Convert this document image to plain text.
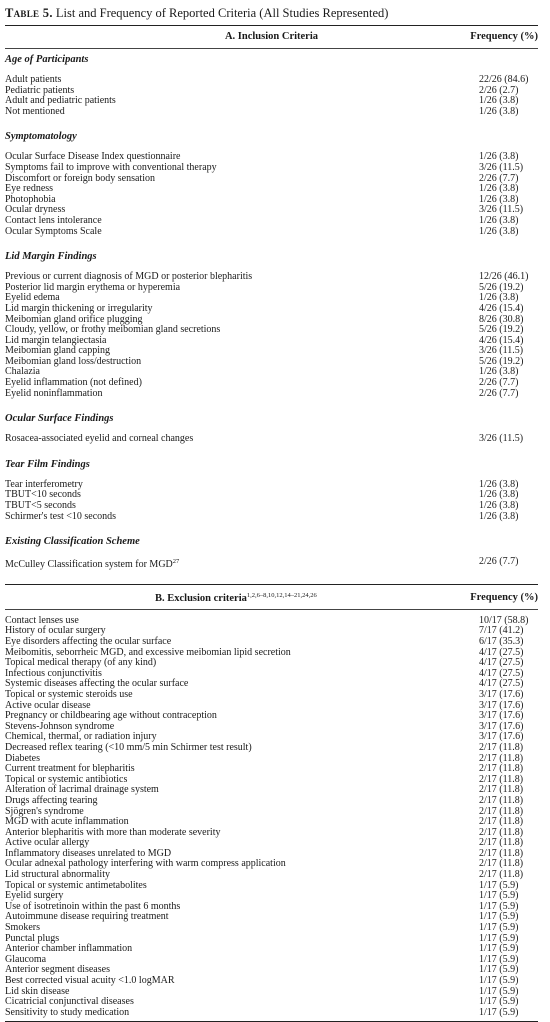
Table 5. List and Frequency of Reported Criteria (All Studies Represented)
A. Inclusion Criteria	Frequency (%)
Age of Participants
Adult patients	22/26 (84.6)
Pediatric patients	2/26 (2.7)
Adult and pediatric patients	1/26 (3.8)
Not mentioned	1/26 (3.8)
Symptomatology
Ocular Surface Disease Index questionnaire	1/26 (3.8)
Symptoms fail to improve with conventional therapy	3/26 (11.5)
Discomfort or foreign body sensation	2/26 (7.7)
Eye redness	1/26 (3.8)
Photophobia	1/26 (3.8)
Ocular dryness	3/26 (11.5)
Contact lens intolerance	1/26 (3.8)
Ocular Symptoms Scale	1/26 (3.8)
Lid Margin Findings
Previous or current diagnosis of MGD or posterior blepharitis	12/26 (46.1)
Posterior lid margin erythema or hyperemia	5/26 (19.2)
Eyelid edema	1/26 (3.8)
Lid margin thickening or irregularity	4/26 (15.4)
Meibomian gland orifice plugging	8/26 (30.8)
Cloudy, yellow, or frothy meibomian gland secretions	5/26 (19.2)
Lid margin telangiectasia	4/26 (15.4)
Meibomian gland capping	3/26 (11.5)
Meibomian gland loss/destruction	5/26 (19.2)
Chalazia	1/26 (3.8)
Eyelid inflammation (not defined)	2/26 (7.7)
Eyelid noninflammation	2/26 (7.7)
Ocular Surface Findings
Rosacea-associated eyelid and corneal changes	3/26 (11.5)
Tear Film Findings
Tear interferometry	1/26 (3.8)
TBUT<10 seconds	1/26 (3.8)
TBUT<5 seconds	1/26 (3.8)
Schirmer's test <10 seconds	1/26 (3.8)
Existing Classification Scheme
McCulley Classification system for MGD$^{27}$	2/26 (7.7)
B. Exclusion criteria$^{1,2,6-8,10,12,14-21,24,26}$	Frequency (%)
Contact lenses use	10/17 (58.8)
History of ocular surgery	7/17 (41.2)
Eye disorders affecting the ocular surface	6/17 (35.3)
Meibomitis, seborrheic MGD, and excessive meibomian lipid secretion	4/17 (27.5)
Topical medical therapy (of any kind)	4/17 (27.5)
Infectious conjunctivitis	4/17 (27.5)
Systemic diseases affecting the ocular surface	4/17 (27.5)
Topical or systemic steroids use	3/17 (17.6)
Active ocular disease	3/17 (17.6)
Pregnancy or childbearing age without contraception	3/17 (17.6)
Stevens-Johnson syndrome	3/17 (17.6)
Chemical, thermal, or radiation injury	3/17 (17.6)
Decreased reflex tearing (<10 mm/5 min Schirmer test result)	2/17 (11.8)
Diabetes	2/17 (11.8)
Current treatment for blepharitis	2/17 (11.8)
Topical or systemic antibiotics	2/17 (11.8)
Alteration of lacrimal drainage system	2/17 (11.8)
Drugs affecting tearing	2/17 (11.8)
Sjögren's syndrome	2/17 (11.8)
MGD with acute inflammation	2/17 (11.8)
Anterior blepharitis with more than moderate severity	2/17 (11.8)
Active ocular allergy	2/17 (11.8)
Inflammatory diseases unrelated to MGD	2/17 (11.8)
Ocular adnexal pathology interfering with warm compress application	2/17 (11.8)
Lid structural abnormality	2/17 (11.8)
Topical or systemic antimetabolites	1/17 (5.9)
Eyelid surgery	1/17 (5.9)
Use of isotretinoin within the past 6 months	1/17 (5.9)
Autoimmune disease requiring treatment	1/17 (5.9)
Smokers	1/17 (5.9)
Punctal plugs	1/17 (5.9)
Anterior chamber inflammation	1/17 (5.9)
Glaucoma	1/17 (5.9)
Anterior segment diseases	1/17 (5.9)
Best corrected visual acuity <1.0 logMAR	1/17 (5.9)
Lid skin disease	1/17 (5.9)
Cicatricial conjunctival diseases	1/17 (5.9)
Sensitivity to study medication	1/17 (5.9)
